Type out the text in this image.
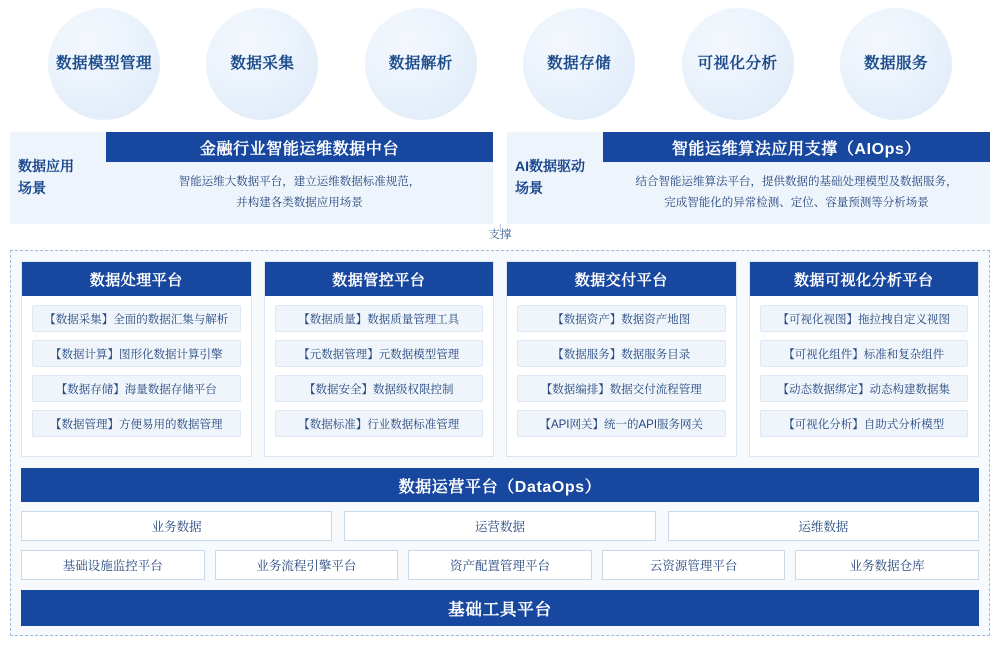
数据模型管理	数据采集	数据解析	数据存储	可视化分析	数据服务
数据应用
场景
金融行业智能运维数据中台
智能运维大数据平台，建立运维数据标准规范，
并构建各类数据应用场景
AI数据驱动
场景
智能运维算法应用支撑（AIOps）
结合智能运维算法平台，提供数据的基础处理模型及数据服务，
完成智能化的异常检测、定位、容量预测等分析场景
支撑
数据处理平台
【数据采集】全面的数据汇集与解析
【数据计算】图形化数据计算引擎
【数据存储】海量数据存储平台
【数据管理】方便易用的数据管理
数据管控平台
【数据质量】数据质量管理工具
【元数据管理】元数据模型管理
【数据安全】数据级权限控制
【数据标准】行业数据标准管理
数据交付平台
【数据资产】数据资产地图
【数据服务】数据服务目录
【数据编排】数据交付流程管理
【API网关】统一的API服务网关
数据可视化分析平台
【可视化视图】拖拉拽自定义视图
【可视化组件】标准和复杂组件
【动态数据绑定】动态构建数据集
【可视化分析】自助式分析模型
数据运营平台（DataOps）
业务数据	运营数据	运维数据
基础设施监控平台	业务流程引擎平台	资产配置管理平台	云资源管理平台	业务数据仓库
基础工具平台
